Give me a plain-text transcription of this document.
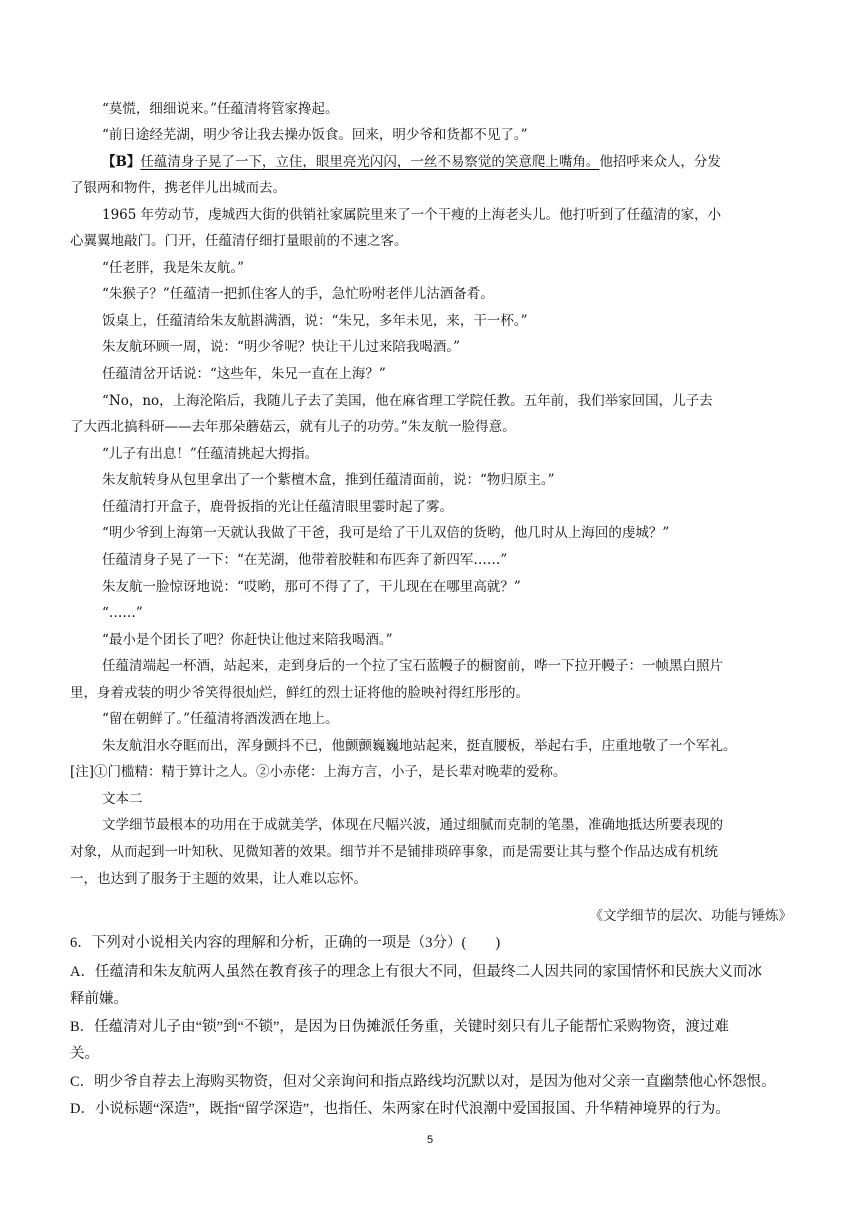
“莫慌，细细说来。”任蕴清将管家搀起。
“前日途经芜湖，明少爷让我去操办饭食。回来，明少爷和货都不见了。”
【B】任蕴清身子晃了一下，立住，眼里亮光闪闪，一丝不易察觉的笑意爬上嘴角。他招呼来众人，分发
了银两和物件，携老伴儿出城而去。
1965 年劳动节，虔城西大街的供销社家属院里来了一个干瘦的上海老头儿。他打听到了任蕴清的家，小
心翼翼地敲门。门开，任蕴清仔细打量眼前的不速之客。
“任老胖，我是朱友航。”
“朱猴子？”任蕴清一把抓住客人的手，急忙吩咐老伴儿沽酒备肴。
饭桌上，任蕴清给朱友航斟满酒，说：“朱兄，多年未见，来，干一杯。”
朱友航环顾一周，说：“明少爷呢？快让干儿过来陪我喝酒。”
任蕴清岔开话说：“这些年，朱兄一直在上海？”
“No，no，上海沦陷后，我随儿子去了美国，他在麻省理工学院任教。五年前，我们举家回国，儿子去
了大西北搞科研——去年那朵蘑菇云，就有儿子的功劳。”朱友航一脸得意。
“儿子有出息！”任蕴清挑起大拇指。
朱友航转身从包里拿出了一个紫檀木盒，推到任蕴清面前，说：“物归原主。”
任蕴清打开盒子，鹿骨扳指的光让任蕴清眼里霎时起了雾。
“明少爷到上海第一天就认我做了干爸，我可是给了干儿双倍的货哟，他几时从上海回的虔城？”
任蕴清身子晃了一下：“在芜湖，他带着胶鞋和布匹奔了新四军……”
朱友航一脸惊讶地说：“哎哟，那可不得了了，干儿现在在哪里高就？”
“……”
“最小是个团长了吧？你赶快让他过来陪我喝酒。”
任蕴清端起一杯酒，站起来，走到身后的一个拉了宝石蓝幔子的橱窗前，哗一下拉开幔子：一帧黑白照片
里，身着戎装的明少爷笑得很灿烂，鲜红的烈士证将他的脸映衬得红彤彤的。
“留在朝鲜了。”任蕴清将酒泼洒在地上。
朱友航泪水夺眶而出，浑身颤抖不已，他颤颤巍巍地站起来，挺直腰板，举起右手，庄重地敬了一个军礼。
[注]①门槛精：精于算计之人。②小赤佬：上海方言，小子，是长辈对晚辈的爱称。
文本二
文学细节最根本的功用在于成就美学，体现在尺幅兴波，通过细腻而克制的笔墨，准确地抵达所要表现的
对象，从而起到一叶知秋、见微知著的效果。细节并不是铺排琐碎事象，而是需要让其与整个作品达成有机统
一，也达到了服务于主题的效果，让人难以忘怀。
《文学细节的层次、功能与锤炼》
6．下列对小说相关内容的理解和分析，正确的一项是（3分）(　　)
A．任蕴清和朱友航两人虽然在教育孩子的理念上有很大不同，但最终二人因共同的家国情怀和民族大义而冰
释前嫌。
B．任蕴清对儿子由“锁”到“不锁”，是因为日伪摊派任务重，关键时刻只有儿子能帮忙采购物资，渡过难
关。
C．明少爷自荐去上海购买物资，但对父亲询问和指点路线均沉默以对，是因为他对父亲一直幽禁他心怀怨恨。
D．小说标题“深造”，既指“留学深造”，也指任、朱两家在时代浪潮中爱国报国、升华精神境界的行为。
5
